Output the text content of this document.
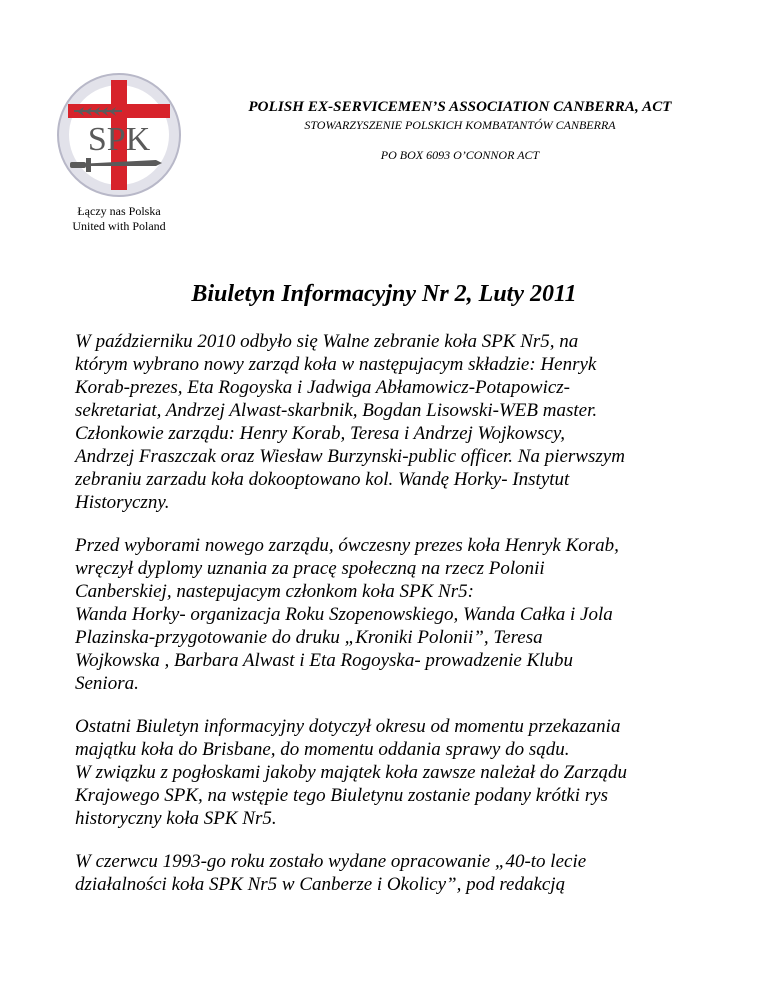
SPK
Łączy nas Polska
United with Poland
POLISH EX-SERVICEMEN’S ASSOCIATION CANBERRA, ACT
STOWARZYSZENIE POLSKICH KOMBATANTÓW CANBERRA
PO BOX 6093 O’CONNOR ACT
Biuletyn Informacyjny Nr 2, Luty 2011

W październiku 2010 odbyło się Walne zebranie koła SPK Nr5, na
którym wybrano nowy zarząd koła w następujacym składzie: Henryk
Korab-prezes, Eta Rogoyska i Jadwiga Abłamowicz-Potapowicz-
sekretariat, Andrzej Alwast-skarbnik, Bogdan Lisowski-WEB master.
Członkowie zarządu: Henry Korab, Teresa i Andrzej Wojkowscy,
Andrzej Fraszczak oraz Wiesław Burzynski-public officer. Na pierwszym
zebraniu zarzadu koła dokooptowano kol. Wandę Horky- Instytut
Historyczny.

Przed wyborami nowego zarządu, ówczesny prezes koła Henryk Korab,
wręczył dyplomy uznania za pracę społeczną na rzecz Polonii
Canberskiej, nastepujacym członkom koła SPK Nr5:
Wanda Horky- organizacja Roku Szopenowskiego, Wanda Całka i Jola
Plazinska-przygotowanie do druku „Kroniki Polonii”, Teresa
Wojkowska , Barbara Alwast i Eta Rogoyska- prowadzenie Klubu
Seniora.

Ostatni Biuletyn informacyjny dotyczył okresu od momentu przekazania
majątku koła do Brisbane, do momentu oddania sprawy do sądu.
W związku z pogłoskami jakoby majątek koła zawsze należał do Zarządu
Krajowego SPK, na wstępie tego Biuletynu zostanie podany krótki rys
historyczny koła SPK Nr5.

W czerwcu 1993-go roku zostało wydane opracowanie „40-to lecie
działalności koła SPK Nr5 w Canberze i Okolicy”, pod redakcją
